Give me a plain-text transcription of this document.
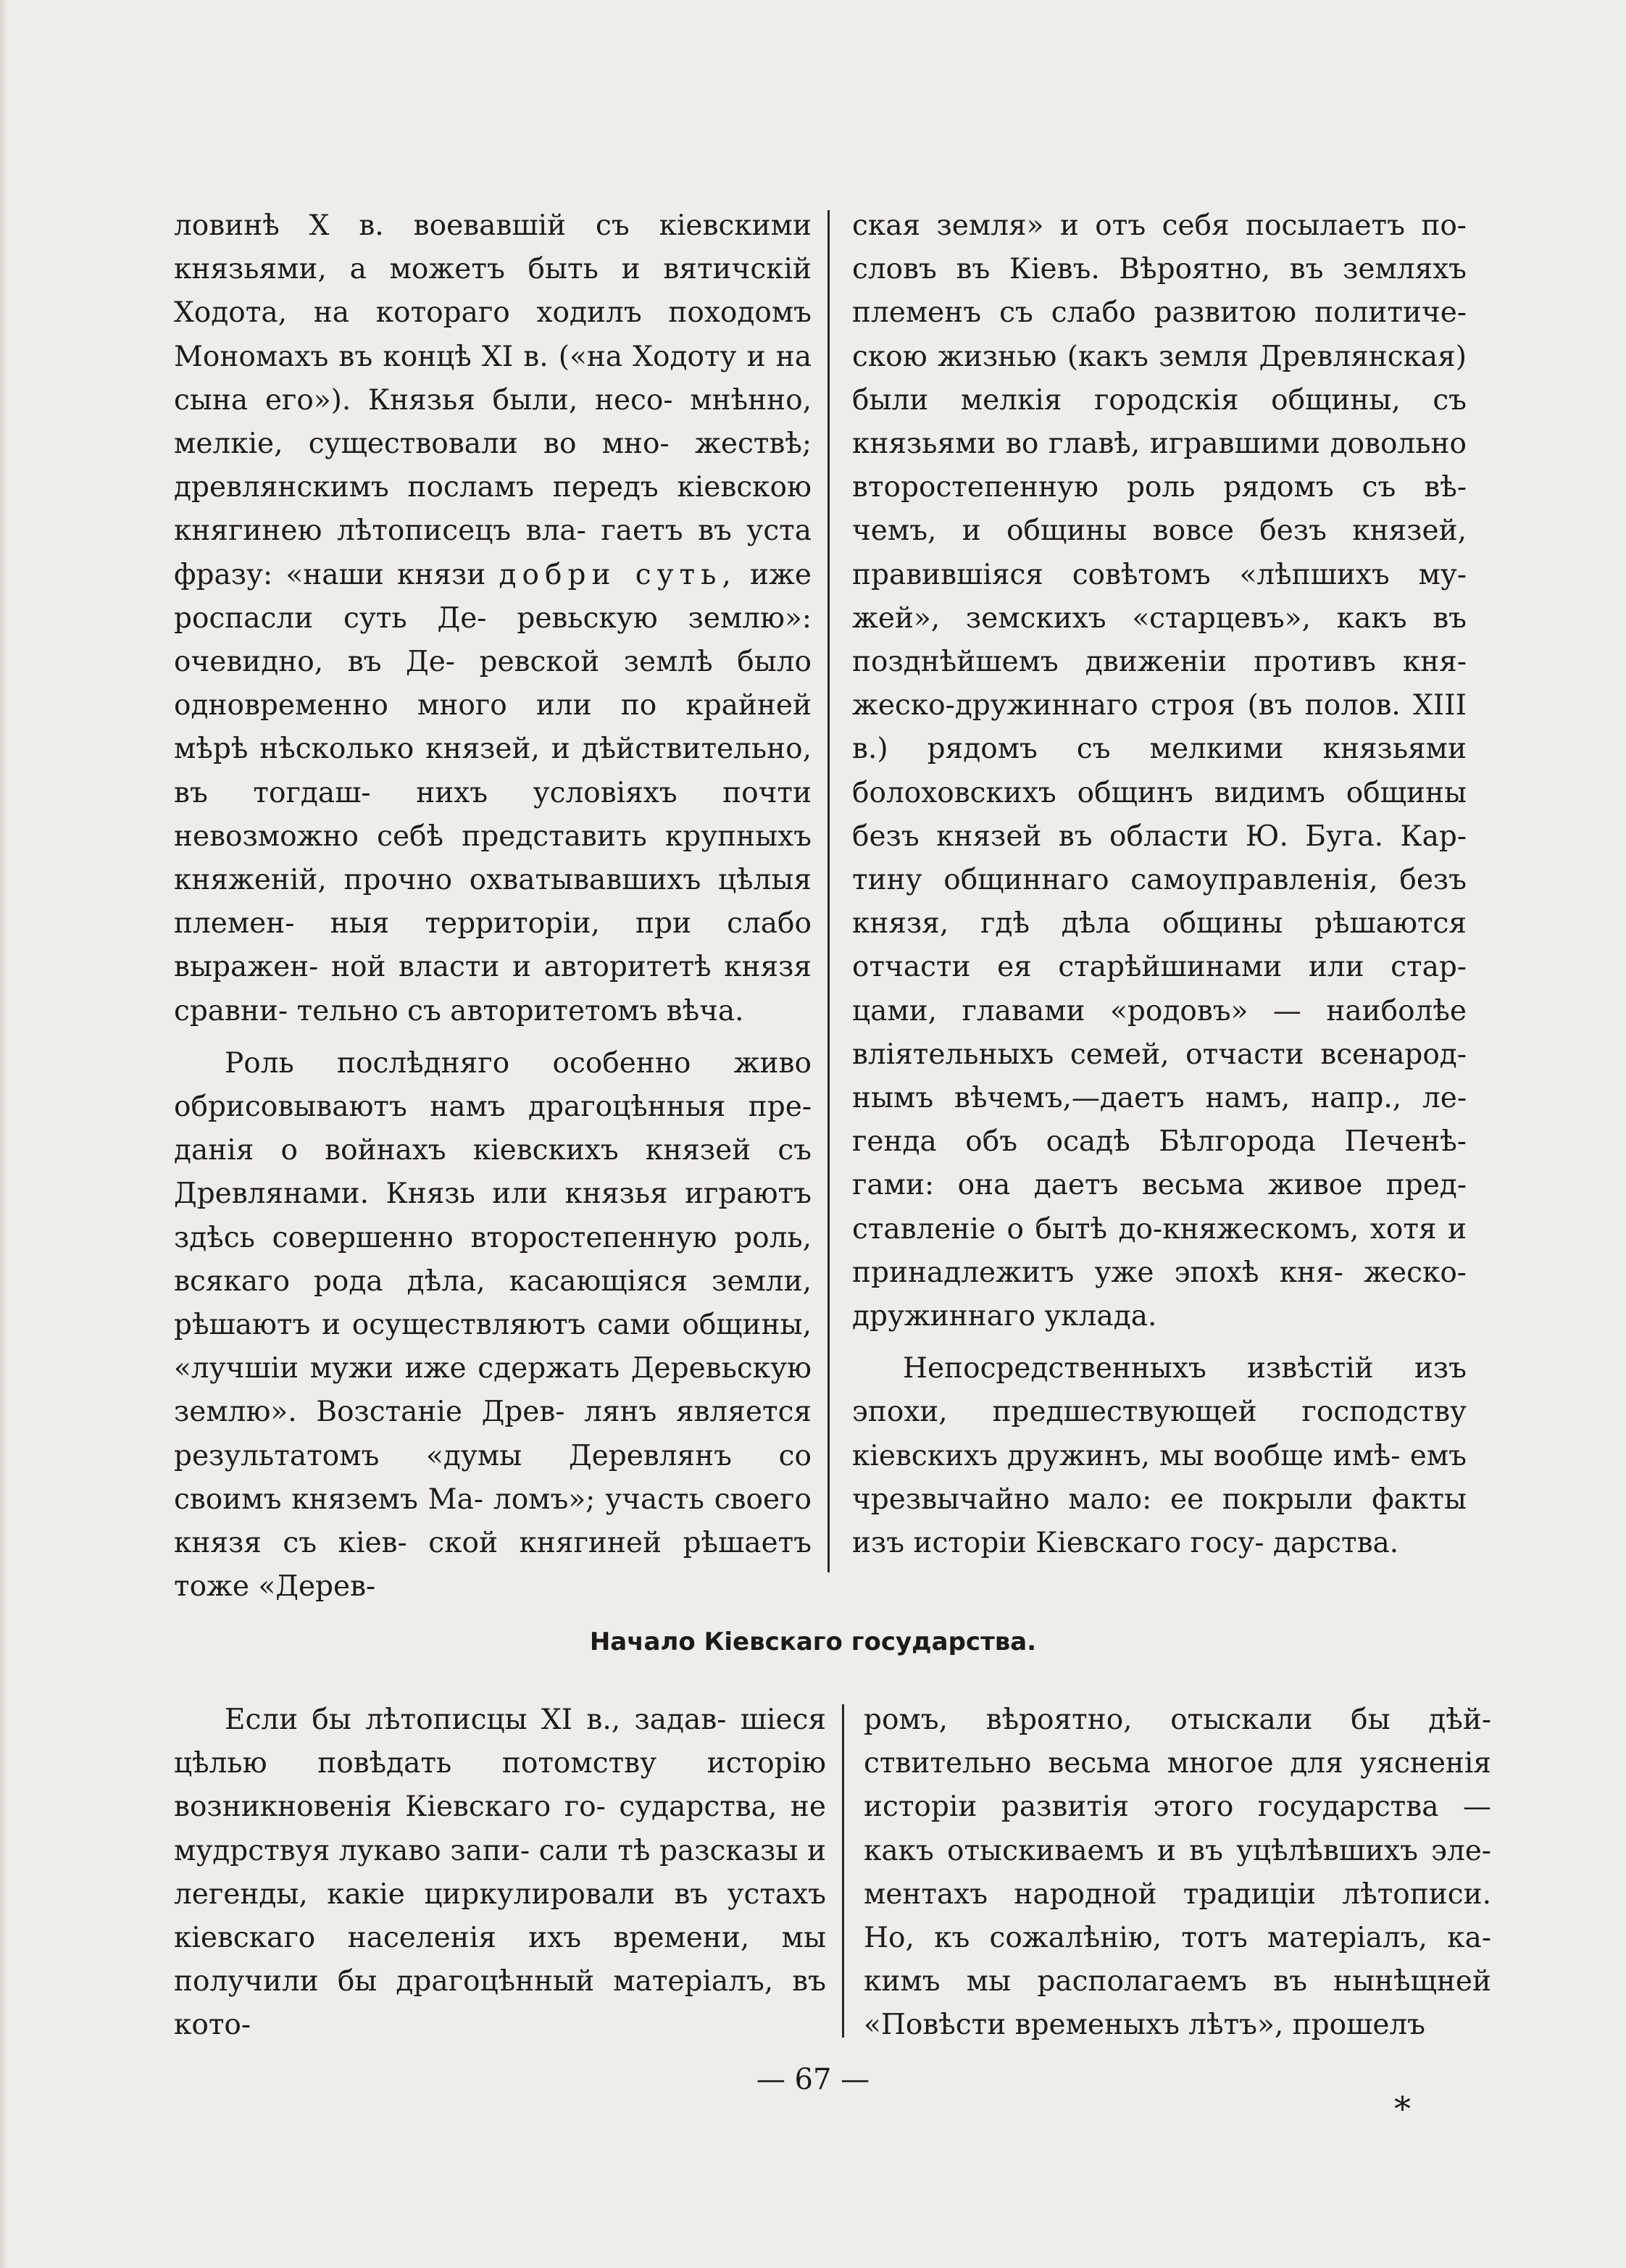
ловинѣ X в. воевавшій съ кіевскими князьями, а можетъ быть и вятичскій Ходота, на котораго ходилъ походомъ Мономахъ въ концѣ XI в. («на Ходоту и на сына его»). Князья были, несо- мнѣнно, мелкіе, существовали во мно- жествѣ; древлянскимъ посламъ передъ кіевскою княгинею лѣтописецъ вла- гаетъ въ уста фразу: «наши князи добри суть, иже роспасли суть Де- ревьскую землю»: очевидно, въ Де- ревской землѣ было одновременно много или по крайней мѣрѣ нѣсколько князей, и дѣйствительно, въ тогдаш- нихъ условіяхъ почти невозможно себѣ представить крупныхъ княженій, прочно охватывавшихъ цѣлыя племен- ныя территоріи, при слабо выражен- ной власти и авторитетѣ князя сравни- тельно съ авторитетомъ вѣча.

Роль послѣдняго особенно живо обрисовываютъ намъ драгоцѣнныя пре- данія о войнахъ кіевскихъ князей съ Древлянами. Князь или князья играютъ здѣсь совершенно второстепенную роль, всякаго рода дѣла, касающіяся земли, рѣшаютъ и осуществляютъ сами общины, «лучшіи мужи иже сдержать Деревьскую землю». Возстаніе Древ- лянъ является результатомъ «думы Деревлянъ со своимъ княземъ Ма- ломъ»; участь своего князя съ кіев- ской княгиней рѣшаетъ тоже «Дерев-

ская земля» и отъ себя посылаетъ по- словъ въ Кіевъ. Вѣроятно, въ земляхъ племенъ съ слабо развитою политиче- скою жизнью (какъ земля Древлянская) были мелкія городскія общины, съ князьями во главѣ, игравшими довольно второстепенную роль рядомъ съ вѣ- чемъ, и общины вовсе безъ князей, правившіяся совѣтомъ «лѣпшихъ му- жей», земскихъ «старцевъ», какъ въ позднѣйшемъ движеніи противъ кня- жеско-дружиннаго строя (въ полов. XIII в.) рядомъ съ мелкими князьями болоховскихъ общинъ видимъ общины безъ князей въ области Ю. Буга. Кар- тину общиннаго самоуправленія, безъ князя, гдѣ дѣла общины рѣшаются отчасти ея старѣйшинами или стар- цами, главами «родовъ» — наиболѣе вліятельныхъ семей, отчасти всенарод- нымъ вѣчемъ,—даетъ намъ, напр., ле- генда объ осадѣ Бѣлгорода Печенѣ- гами: она даетъ весьма живое пред- ставленіе о бытѣ до-княжескомъ, хотя и принадлежитъ уже эпохѣ кня- жеско-дружиннаго уклада.

Непосредственныхъ извѣстій изъ эпохи, предшествующей господству кіевскихъ дружинъ, мы вообще имѣ- емъ чрезвычайно мало: ее покрыли факты изъ исторіи Кіевскаго госу- дарства.

Начало Кіевскаго государства.

Если бы лѣтописцы XI в., задав- шіеся цѣлью повѣдать потомству исторію возникновенія Кіевскаго го- сударства, не мудрствуя лукаво запи- сали тѣ разсказы и легенды, какіе циркулировали въ устахъ кіевскаго населенія ихъ времени, мы получили бы драгоцѣнный матеріалъ, въ кото-

ромъ, вѣроятно, отыскали бы дѣй- ствительно весьма многое для уясненія исторіи развитія этого государства — какъ отыскиваемъ и въ уцѣлѣвшихъ эле- ментахъ народной традиціи лѣтописи. Но, къ сожалѣнію, тотъ матеріалъ, ка- кимъ мы располагаемъ въ нынѣщней «Повѣсти временыхъ лѣтъ», прошелъ

— 67 —
*
